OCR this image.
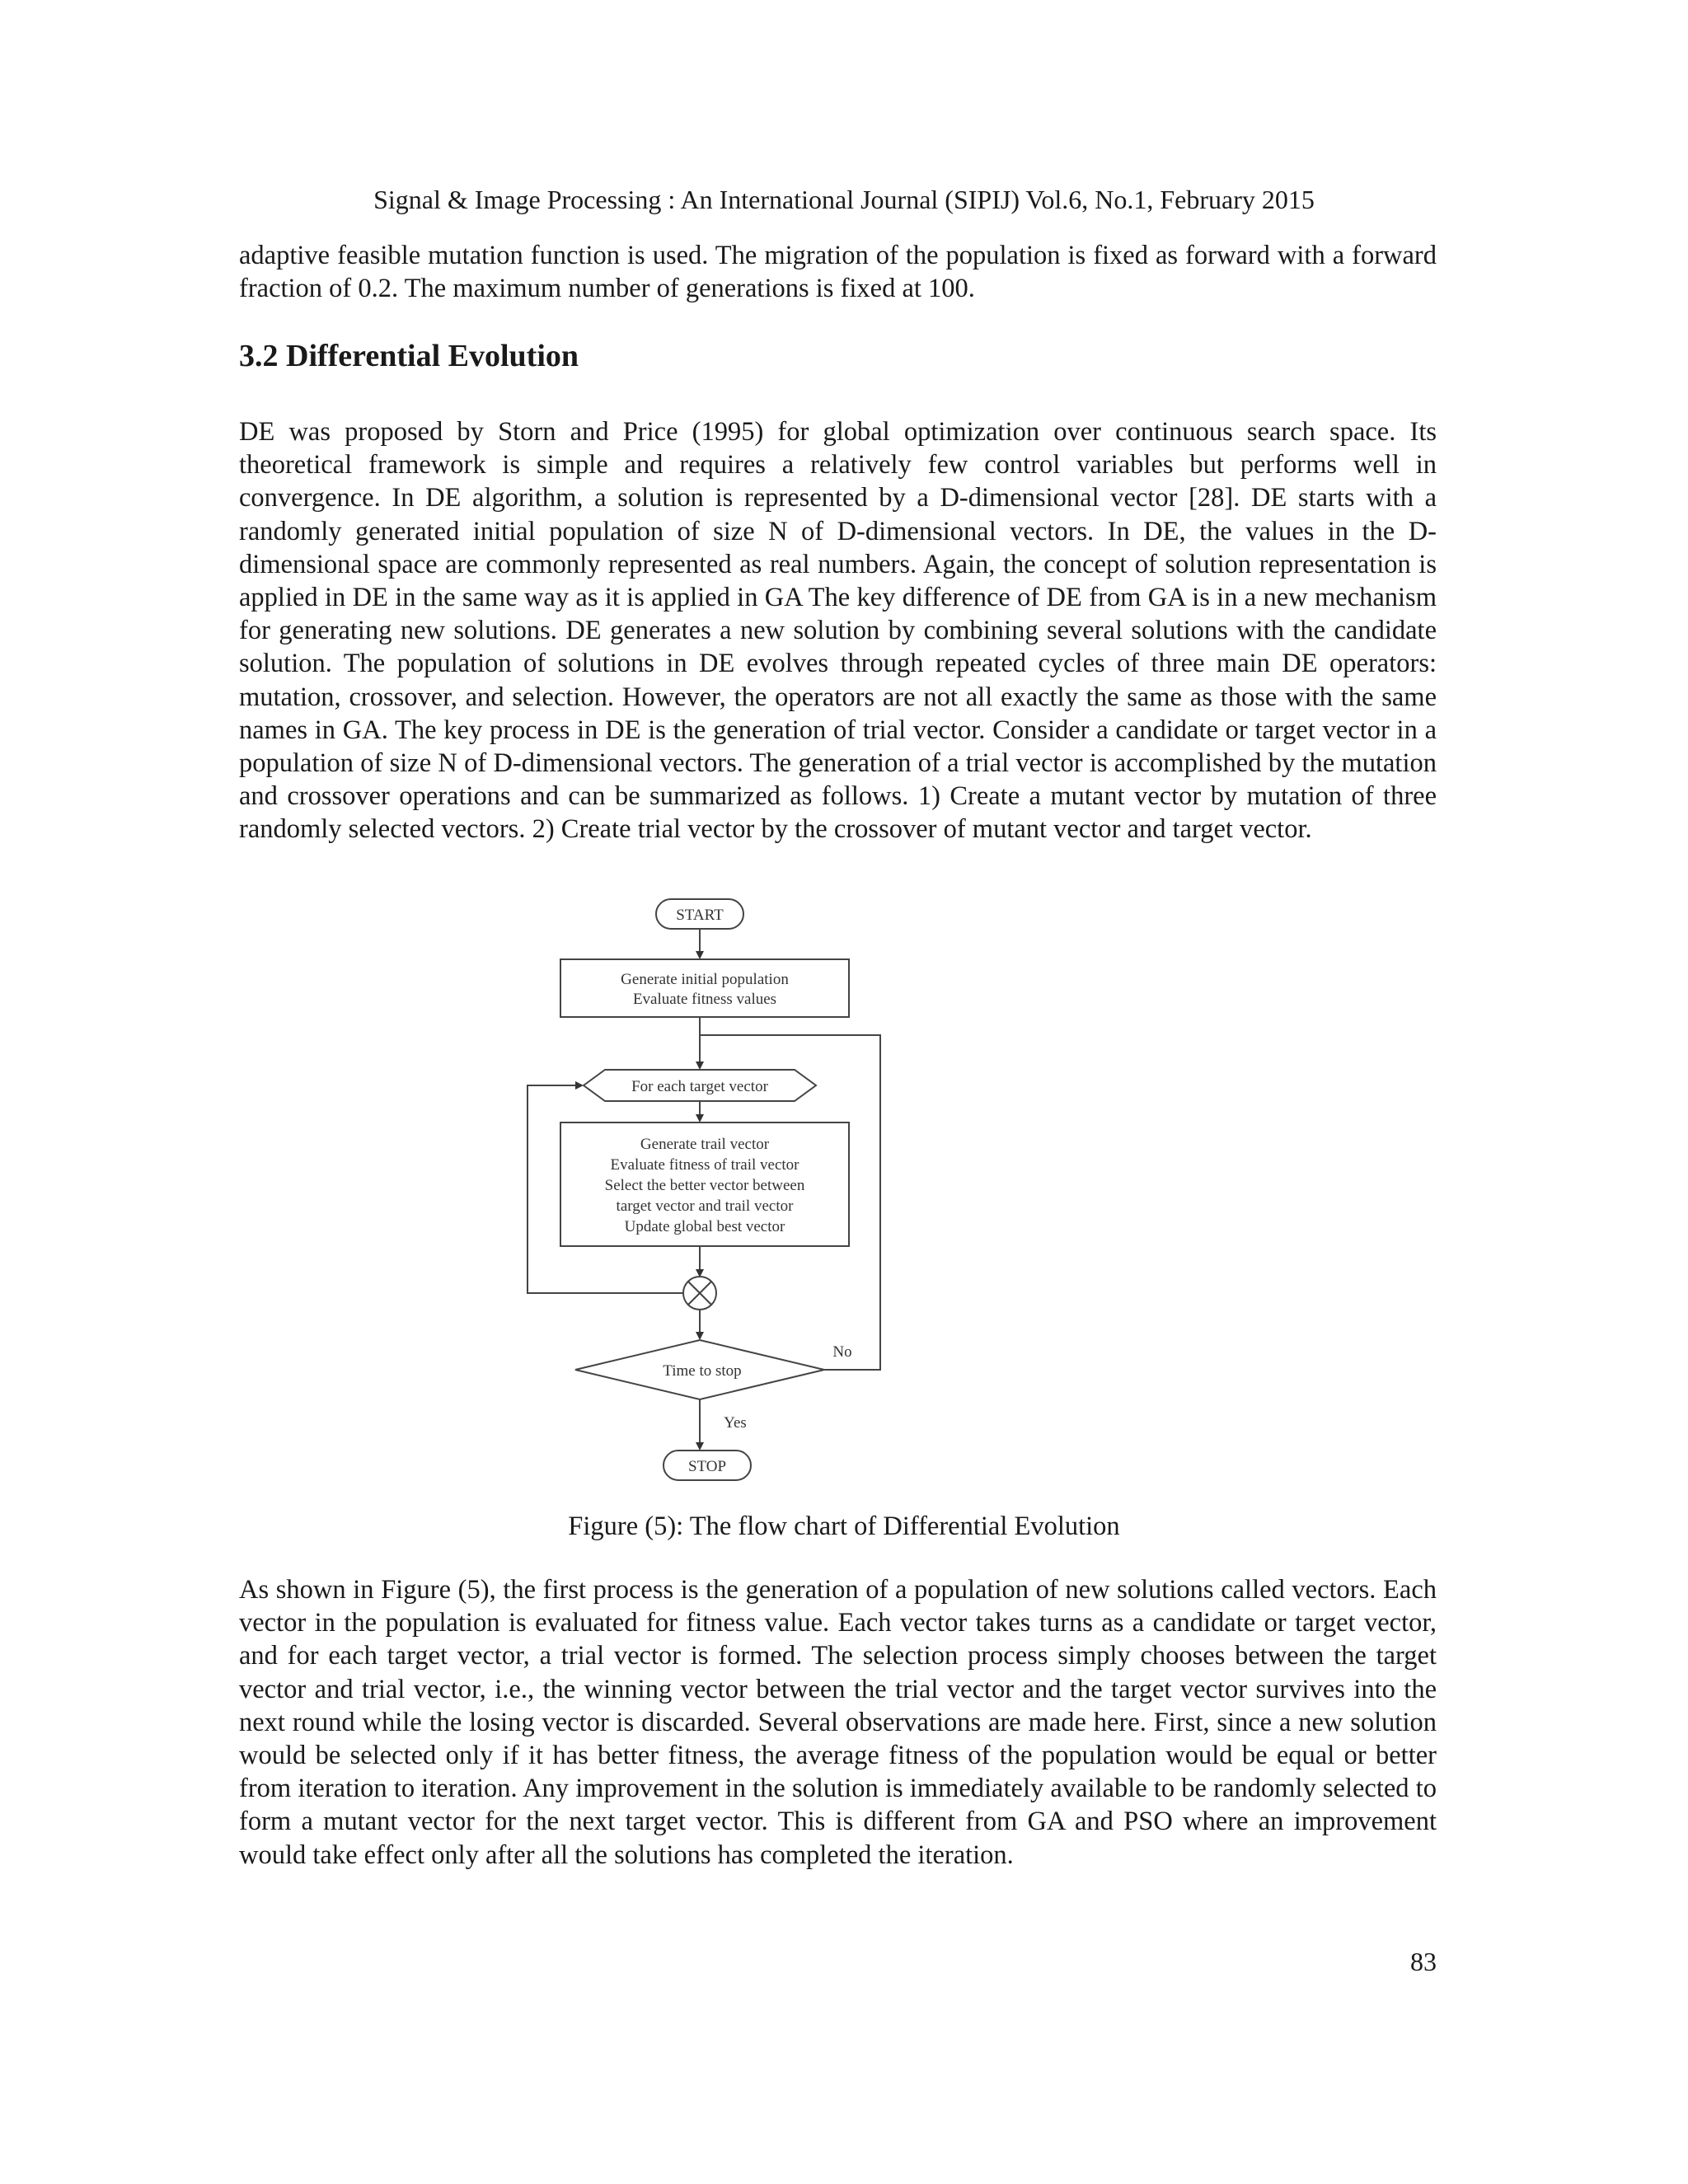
Signal & Image Processing : An International Journal (SIPIJ) Vol.6, No.1, February 2015

adaptive feasible mutation function is used. The migration of the population is fixed as forward with a forward fraction of 0.2. The maximum number of generations is fixed at 100.

3.2 Differential Evolution

DE was proposed by Storn and Price (1995) for global optimization over continuous search space. Its theoretical framework is simple and requires a relatively few control variables but performs well in convergence. In DE algorithm, a solution is represented by a D-dimensional vector [28]. DE starts with a randomly generated initial population of size N of D-dimensional vectors. In DE, the values in the D-dimensional space are commonly represented as real numbers. Again, the concept of solution representation is applied in DE in the same way as it is applied in GA The key difference of DE from GA is in a new mechanism for generating new solutions. DE generates a new solution by combining several solutions with the candidate solution. The population of solutions in DE evolves through repeated cycles of three main DE operators: mutation, crossover, and selection. However, the operators are not all exactly the same as those with the same names in GA. The key process in DE is the generation of trial vector. Consider a candidate or target vector in a population of size N of D-dimensional vectors. The generation of a trial vector is accomplished by the mutation and crossover operations and can be summarized as follows. 1) Create a mutant vector by mutation of three randomly selected vectors. 2) Create trial vector by the crossover of mutant vector and target vector.

START
Generate initial population
Evaluate fitness values
For each target vector
Generate trail vector
Evaluate fitness of trail vector
Select the better vector between
target vector and trail vector
Update global best vector
Time to stop
No
Yes
STOP
Figure (5): The flow chart of Differential Evolution

As shown in Figure (5), the first process is the generation of a population of new solutions called vectors. Each vector in the population is evaluated for fitness value. Each vector takes turns as a candidate or target vector, and for each target vector, a trial vector is formed. The selection process simply chooses between the target vector and trial vector, i.e., the winning vector between the trial vector and the target vector survives into the next round while the losing vector is discarded. Several observations are made here. First, since a new solution would be selected only if it has better fitness, the average fitness of the population would be equal or better from iteration to iteration. Any improvement in the solution is immediately available to be randomly selected to form a mutant vector for the next target vector. This is different from GA and PSO where an improvement would take effect only after all the solutions has completed the iteration.

83
